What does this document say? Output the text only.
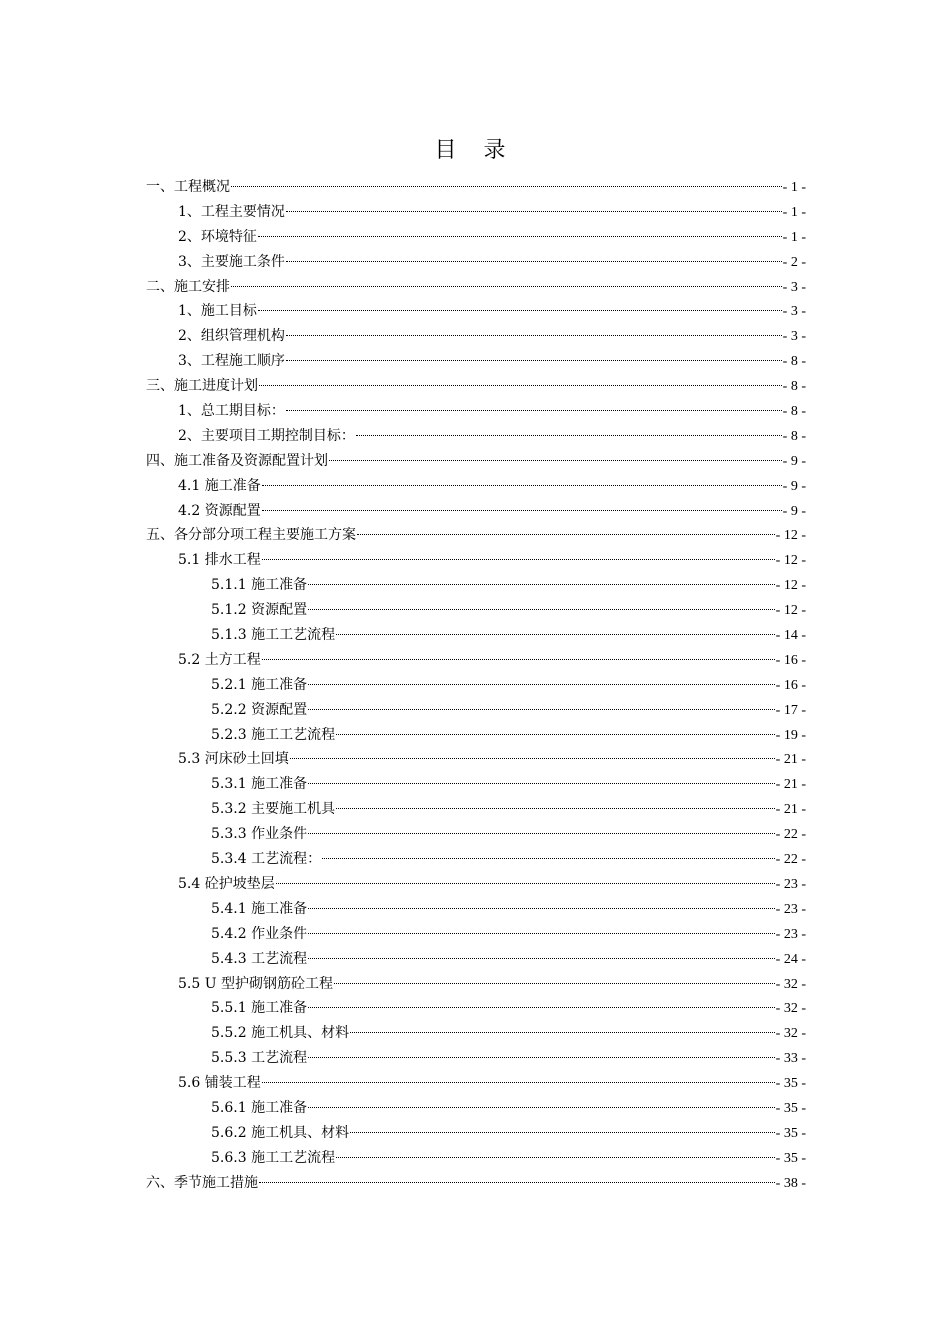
目 录
一、工程概况	- 1 -
1、工程主要情况	- 1 -
2、环境特征	- 1 -
3、主要施工条件	- 2 -
二、施工安排	- 3 -
1、施工目标	- 3 -
2、组织管理机构	- 3 -
3、工程施工顺序	- 8 -
三、施工进度计划	- 8 -
1、总工期目标：	- 8 -
2、主要项目工期控制目标：	- 8 -
四、施工准备及资源配置计划	- 9 -
4.1 施工准备	- 9 -
4.2 资源配置	- 9 -
五、各分部分项工程主要施工方案	- 12 -
5.1 排水工程	- 12 -
5.1.1 施工准备	- 12 -
5.1.2 资源配置	- 12 -
5.1.3 施工工艺流程	- 14 -
5.2 土方工程	- 16 -
5.2.1 施工准备	- 16 -
5.2.2 资源配置	- 17 -
5.2.3 施工工艺流程	- 19 -
5.3 河床砂土回填	- 21 -
5.3.1 施工准备	- 21 -
5.3.2 主要施工机具	- 21 -
5.3.3 作业条件	- 22 -
5.3.4 工艺流程：	- 22 -
5.4 砼护坡垫层	- 23 -
5.4.1 施工准备	- 23 -
5.4.2 作业条件	- 23 -
5.4.3 工艺流程	- 24 -
5.5 U 型护砌钢筋砼工程	- 32 -
5.5.1 施工准备	- 32 -
5.5.2 施工机具、材料	- 32 -
5.5.3 工艺流程	- 33 -
5.6 铺装工程	- 35 -
5.6.1 施工准备	- 35 -
5.6.2 施工机具、材料	- 35 -
5.6.3 施工工艺流程	- 35 -
六、季节施工措施	- 38 -
